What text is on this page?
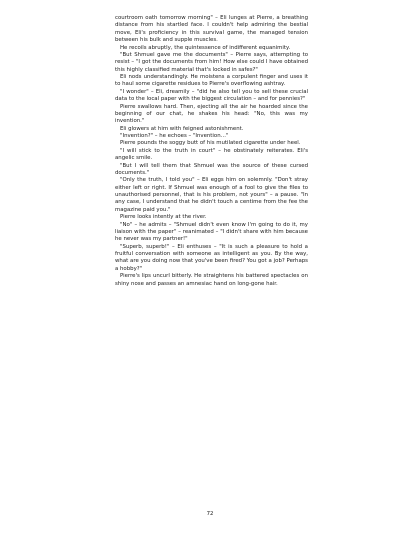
courtroom oath tomorrow morning" – Eli lunges at Pierre, a breathing distance from his startled face. I couldn't help admiring the bestial move, Eli's proficiency in this survival game, the managed tension between his bulk and supple muscles.

He recoils abruptly, the quintessence of indifferent equanimity.

"But Shmuel gave me the documents" – Pierre says, attempting to resist – "I got the documents from him! How else could I have obtained this highly classified material that's locked in safes?"

Eli nods understandingly. He moistens a corpulent finger and uses it to haul some cigarette residues to Pierre's overflowing ashtray.

"I wonder" – Eli, dreamily – "did he also tell you to sell these crucial data to the local paper with the biggest circulation – and for pennies?"

Pierre swallows hard. Then, ejecting all the air he hoarded since the beginning of our chat, he shakes his head: "No, this was my invention."

Eli glowers at him with feigned astonishment.

"Invention?" – he echoes – "Invention…"

Pierre pounds the soggy butt of his mutilated cigarette under heel.

"I will stick to the truth in court" – he obstinately reiterates. Eli's angelic smile.

"But I will tell them that Shmuel was the source of these cursed documents."

"Only the truth, I told you" – Eli eggs him on solemnly. "Don't stray either left or right. If Shmuel was enough of a fool to give the files to unauthorised personnel, that is his problem, not yours" – a pause. "In any case, I understand that he didn't touch a centime from the fee the magazine paid you."

Pierre looks intently at the river.

"No" – he admits – "Shmuel didn't even know I'm going to do it, my liaison with the paper" – reanimated – "I didn't share with him because he never was my partner!"

"Superb, superb!" – Eli enthuses – "It is such a pleasure to hold a fruitful conversation with someone as intelligent as you. By the way, what are you doing now that you've been fired? You got a job? Perhaps a hobby?"

Pierre's lips uncurl bitterly. He straightens his battered spectacles on shiny nose and passes an amnesiac hand on long-gone hair.

72
